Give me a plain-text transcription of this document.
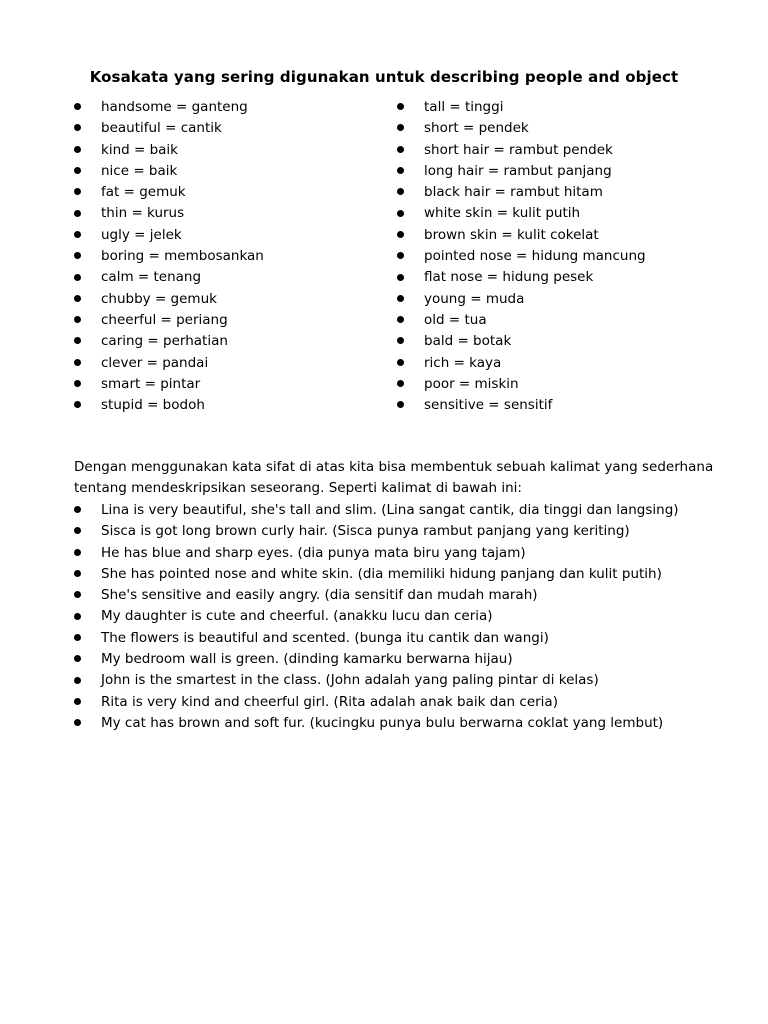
Kosakata yang sering digunakan untuk describing people and object
handsome = ganteng
beautiful = cantik
kind = baik
nice = baik
fat = gemuk
thin = kurus
ugly = jelek
boring = membosankan
calm = tenang
chubby = gemuk
cheerful = periang
caring = perhatian
clever = pandai
smart = pintar
stupid = bodoh
tall = tinggi
short = pendek
short hair = rambut pendek
long hair = rambut panjang
black hair = rambut hitam
white skin = kulit putih
brown skin = kulit cokelat
pointed nose = hidung mancung
flat nose = hidung pesek
young = muda
old = tua
bald = botak
rich = kaya
poor = miskin
sensitive = sensitif

Dengan menggunakan kata sifat di atas kita bisa membentuk sebuah kalimat yang sederhana
tentang mendeskripsikan seseorang. Seperti kalimat di bawah ini:

Lina is very beautiful, she's tall and slim. (Lina sangat cantik, dia tinggi dan langsing)
Sisca is got long brown curly hair. (Sisca punya rambut panjang yang keriting)
He has blue and sharp eyes. (dia punya mata biru yang tajam)
She has pointed nose and white skin. (dia memiliki hidung panjang dan kulit putih)
She's sensitive and easily angry. (dia sensitif dan mudah marah)
My daughter is cute and cheerful. (anakku lucu dan ceria)
The flowers is beautiful and scented. (bunga itu cantik dan wangi)
My bedroom wall is green. (dinding kamarku berwarna hijau)
John is the smartest in the class. (John adalah yang paling pintar di kelas)
Rita is very kind and cheerful girl. (Rita adalah anak baik dan ceria)
My cat has brown and soft fur. (kucingku punya bulu berwarna coklat yang lembut)
